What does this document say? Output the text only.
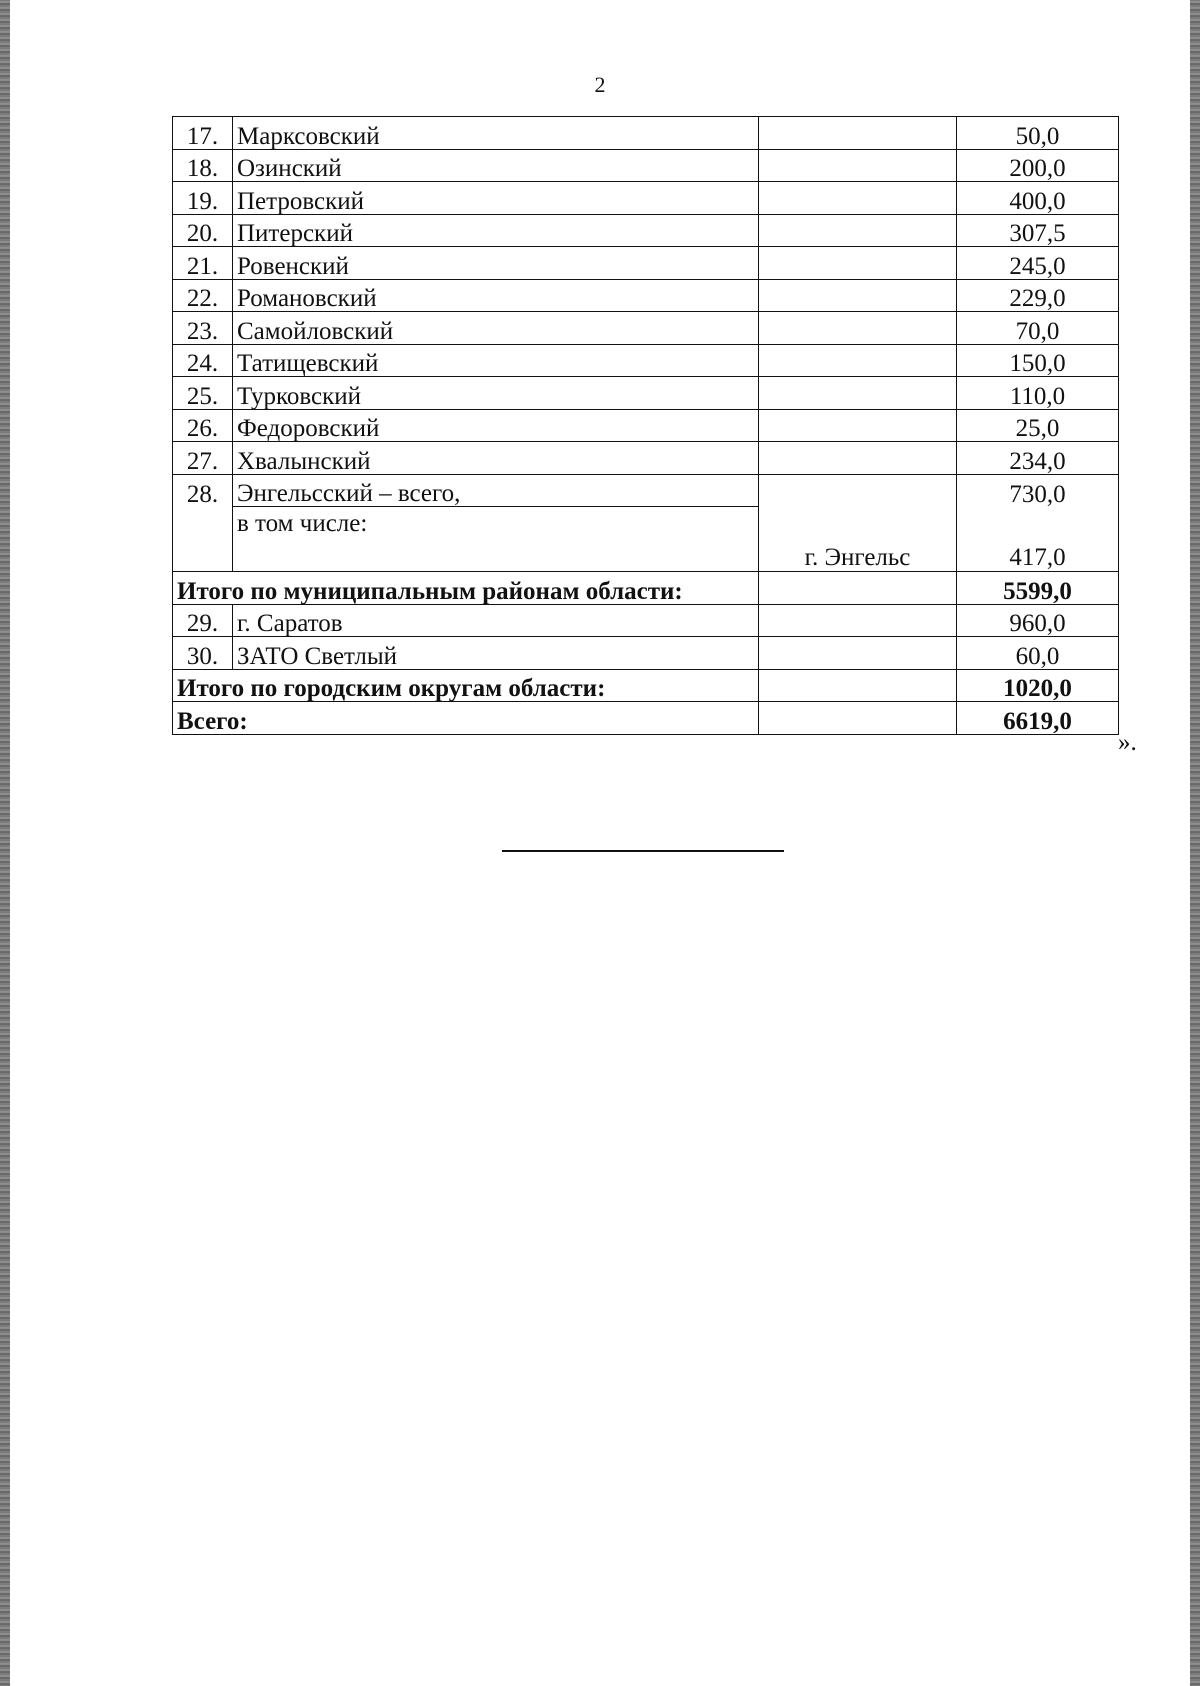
2
17.	Марксовский		50,0
18.	Озинский		200,0
19.	Петровский		400,0
20.	Питерский		307,5
21.	Ровенский		245,0
22.	Романовский		229,0
23.	Самойловский		70,0
24.	Татищевский		150,0
25.	Турковский		110,0
26.	Федоровский		25,0
27.	Хвалынский		234,0
28.	Энгельсский – всего,		730,0
	в том числе:	г. Энгельс	417,0
Итого по муниципальным районам области:			5599,0
29.	г. Саратов		960,0
30.	ЗАТО Светлый		60,0
Итого по городским округам области:			1020,0
Всего:			6619,0
».
